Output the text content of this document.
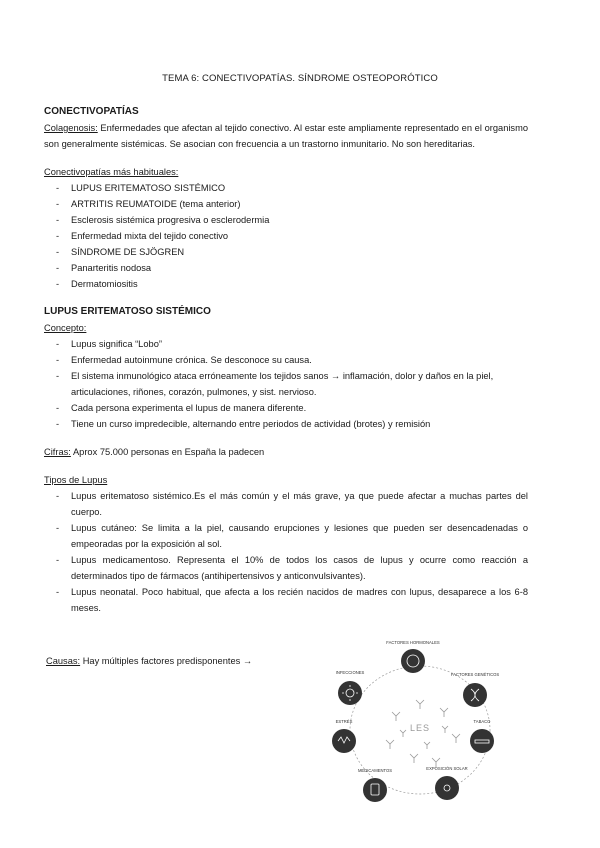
TEMA 6: CONECTIVOPATÍAS. SÍNDROME OSTEOPORÓTICO

CONECTIVOPATÍAS

Colagenosis: Enfermedades que afectan al tejido conectivo. Al estar este ampliamente representado en el organismo son generalmente sistémicas. Se asocian con frecuencia a un trastorno inmunitario. No son hereditarias.

Conectivopatías más habituales:

- LUPUS ERITEMATOSO SISTÉMICO
- ARTRITIS REUMATOIDE (tema anterior)
- Esclerosis sistémica progresiva o esclerodermia
- Enfermedad mixta del tejido conectivo
- SÍNDROME DE SJÖGREN
- Panarteritis nodosa
- Dermatomiositis

LUPUS ERITEMATOSO SISTÉMICO

Concepto:

- Lupus significa “Lobo”
- Enfermedad autoinmune crónica. Se desconoce su causa.
- El sistema inmunológico ataca erróneamente los tejidos sanos → inflamación, dolor y daños en la piel, articulaciones, riñones, corazón, pulmones, y sist. nervioso.
- Cada persona experimenta el lupus de manera diferente.
- Tiene un curso impredecible, alternando entre periodos de actividad (brotes) y remisión

Cifras: Aprox 75.000 personas en España la padecen

Tipos de Lupus

- Lupus eritematoso sistémico.Es el más común y el más grave, ya que puede afectar a muchas partes del cuerpo.
- Lupus cutáneo: Se limita a la piel, causando erupciones y lesiones que pueden ser desencadenadas o empeoradas por la exposición al sol.
- Lupus medicamentoso. Representa el 10% de todos los casos de lupus y ocurre como reacción a determinados tipo de fármacos (antihipertensivos y anticonvulsivantes).
- Lupus neonatal. Poco habitual, que afecta a los recién nacidos de madres con lupus, desaparece a los 6-8 meses.
Causas: Hay múltiples factores predisponentes →
LES
FACTORES HORMONALES
FACTORES GENÉTICOS
TABACO
EXPOSICIÓN SOLAR
MEDICAMENTOS
ESTRÉS
INFECCIONES
